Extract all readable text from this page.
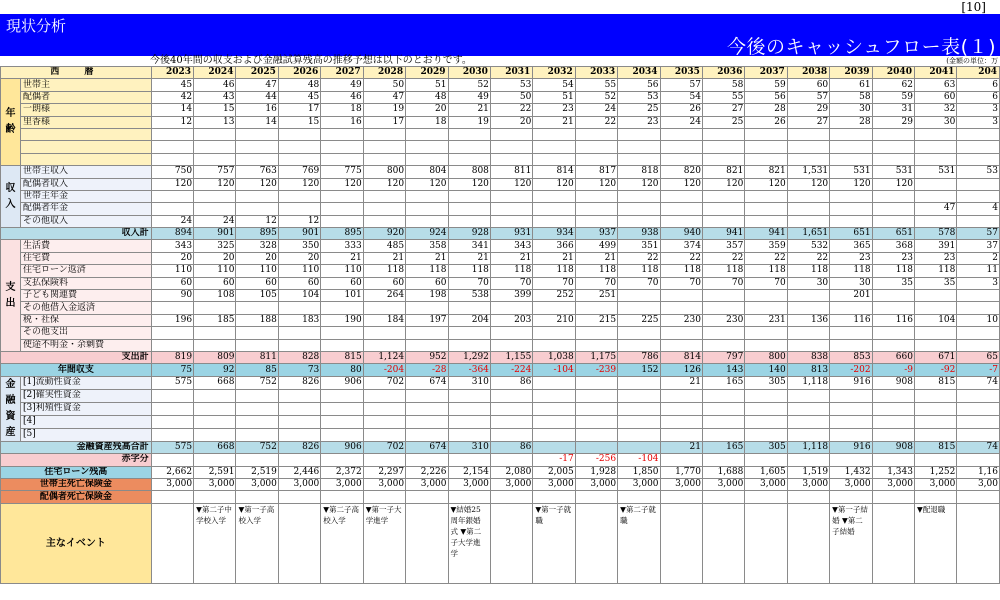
[10]
現状分析
今後のキャッシュフロー表(１)
今後40年間の収支および金融試算残高の推移予想は以下のとおりです。	(金額の単位：万
西　暦		2023	2024	2025	2026	2027	2028	2029	2030	2031	2032	2033	2034	2035	2036	2037	2038	2039	2040	2041	204
年 齢	世帯主	45	46	47	48	49	50	51	52	53	54	55	56	57	58	59	60	61	62	63	6
	配偶者	42	43	44	45	46	47	48	49	50	51	52	53	54	55	56	57	58	59	60	6
	一朗様	14	15	16	17	18	19	20	21	22	23	24	25	26	27	28	29	30	31	32	3
	里香様	12	13	14	15	16	17	18	19	20	21	22	23	24	25	26	27	28	29	30	3

収 入	世帯主収入	750	757	763	769	775	800	804	808	811	814	817	818	820	821	821	1,531	531	531	531	53
	配偶者収入	120	120	120	120	120	120	120	120	120	120	120	120	120	120	120	120	120	120		
	世帯主年金																				
	配偶者年金																			47	4
	その他収入	24	24	12	12																
収入計		894	901	895	901	895	920	924	928	931	934	937	938	940	941	941	1,651	651	651	578	57
支 出	生活費	343	325	328	350	333	485	358	341	343	366	499	351	374	357	359	532	365	368	391	37
	住宅費	20	20	20	20	21	21	21	21	21	21	21	22	22	22	22	22	23	23	23	2
	住宅ローン返済	110	110	110	110	110	118	118	118	118	118	118	118	118	118	118	118	118	118	118	11
	支払保険料	60	60	60	60	60	60	60	70	70	70	70	70	70	70	70	30	30	35	35	3
	子ども関連費	90	108	105	104	101	264	198	538	399	252	251						201			
	その他借入金返済																				
	税・社保	196	185	188	183	190	184	197	204	203	210	215	225	230	230	231	136	116	116	104	10
	その他支出																				
	使途不明金・余剰費																				
支出計		819	809	811	828	815	1,124	952	1,292	1,155	1,038	1,175	786	814	797	800	838	853	660	671	65
年間収支		75	92	85	73	80	-204	-28	-364	-224	-104	-239	152	126	143	140	813	-202	-9	-92	-7
金 融 資 産	[1]流動性資金	575	668	752	826	906	702	674	310	86				21	165	305	1,118	916	908	815	74
	[2]確実性資金																				
	[3]利殖性資金																				
	[4]																				
	[5]																				
金融資産残高合計		575	668	752	826	906	702	674	310	86				21	165	305	1,118	916	908	815	74
赤字分											-17	-256	-104								
住宅ローン残高		2,662	2,591	2,519	2,446	2,372	2,297	2,226	2,154	2,080	2,005	1,928	1,850	1,770	1,688	1,605	1,519	1,432	1,343	1,252	1,16
世帯主死亡保険金		3,000	3,000	3,000	3,000	3,000	3,000	3,000	3,000	3,000	3,000	3,000	3,000	3,000	3,000	3,000	3,000	3,000	3,000	3,000	3,00
配偶者死亡保険金																					
主なイベント			▼第二子中学校入学	▼第一子高校入学		▼第二子高校入学	▼第一子大学進学		▼結婚25周年銀婚式 ▼第二子大学進学		▼第一子就職		▼第二子就職					▼第一子結婚 ▼第二子結婚		▼配退職	
